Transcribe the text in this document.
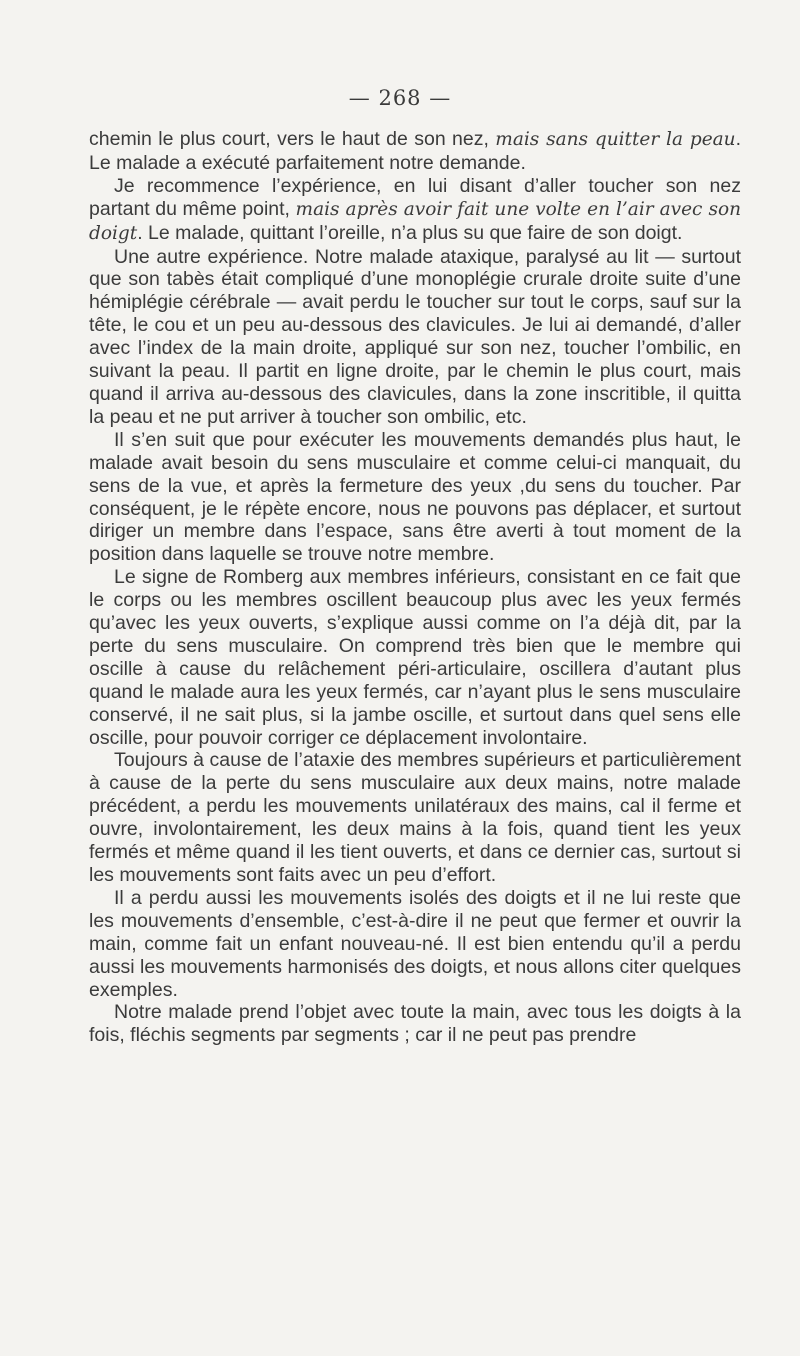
— 268 —

chemin le plus court, vers le haut de son nez, mais sans quitter la peau. Le malade a exécuté parfaitement notre demande.

Je recommence l’expérience, en lui disant d’aller toucher son nez partant du même point, mais après avoir fait une volte en l’air avec son doigt. Le malade, quittant l’oreille, n’a plus su que faire de son doigt.

Une autre expérience. Notre malade ataxique, paralysé au lit — surtout que son tabès était compliqué d’une monoplégie crurale droite suite d’une hémiplégie cérébrale — avait perdu le toucher sur tout le corps, sauf sur la tête, le cou et un peu au-dessous des clavicules. Je lui ai demandé, d’aller avec l’index de la main droite, appliqué sur son nez, toucher l’ombilic, en suivant la peau. Il partit en ligne droite, par le chemin le plus court, mais quand il arriva au-dessous des clavicules, dans la zone inscritible, il quitta la peau et ne put arriver à toucher son ombilic, etc.

Il s’en suit que pour exécuter les mouvements demandés plus haut, le malade avait besoin du sens musculaire et comme celui-ci manquait, du sens de la vue, et après la fermeture des yeux ,du sens du toucher. Par conséquent, je le répète encore, nous ne pouvons pas déplacer, et surtout diriger un membre dans l’espace, sans être averti à tout moment de la position dans laquelle se trouve notre membre.

Le signe de Romberg aux membres inférieurs, consistant en ce fait que le corps ou les membres oscillent beaucoup plus avec les yeux fermés qu’avec les yeux ouverts, s’explique aussi comme on l’a déjà dit, par la perte du sens musculaire. On comprend très bien que le membre qui oscille à cause du relâchement péri-articulaire, oscillera d’autant plus quand le malade aura les yeux fermés, car n’ayant plus le sens musculaire conservé, il ne sait plus, si la jambe oscille, et surtout dans quel sens elle oscille, pour pouvoir corriger ce déplacement involontaire.

Toujours à cause de l’ataxie des membres supérieurs et particulièrement à cause de la perte du sens musculaire aux deux mains, notre malade précédent, a perdu les mouvements unilatéraux des mains, cal il ferme et ouvre, involontairement, les deux mains à la fois, quand tient les yeux fermés et même quand il les tient ouverts, et dans ce dernier cas, surtout si les mouvements sont faits avec un peu d’effort.

Il a perdu aussi les mouvements isolés des doigts et il ne lui reste que les mouvements d’ensemble, c’est-à-dire il ne peut que fermer et ouvrir la main, comme fait un enfant nouveau-né. Il est bien entendu qu’il a perdu aussi les mouvements harmonisés des doigts, et nous allons citer quelques exemples.

Notre malade prend l’objet avec toute la main, avec tous les doigts à la fois, fléchis segments par segments ; car il ne peut pas prendre
